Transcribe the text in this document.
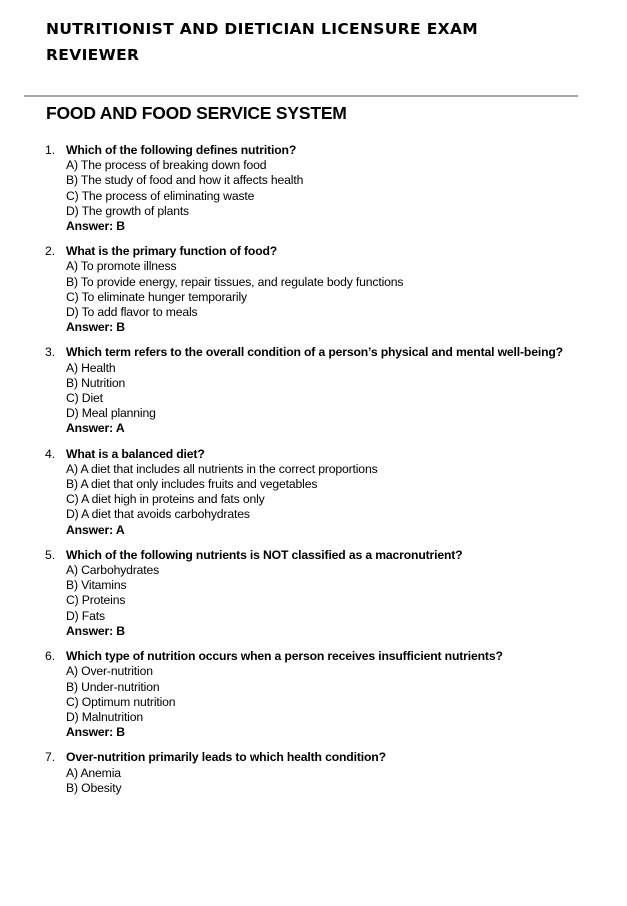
NUTRITIONIST AND DIETICIAN LICENSURE EXAM REVIEWER
FOOD AND FOOD SERVICE SYSTEM
1. Which of the following defines nutrition?
A) The process of breaking down food
B) The study of food and how it affects health
C) The process of eliminating waste
D) The growth of plants
Answer: B
2. What is the primary function of food?
A) To promote illness
B) To provide energy, repair tissues, and regulate body functions
C) To eliminate hunger temporarily
D) To add flavor to meals
Answer: B
3. Which term refers to the overall condition of a person’s physical and mental well-being?
A) Health
B) Nutrition
C) Diet
D) Meal planning
Answer: A
4. What is a balanced diet?
A) A diet that includes all nutrients in the correct proportions
B) A diet that only includes fruits and vegetables
C) A diet high in proteins and fats only
D) A diet that avoids carbohydrates
Answer: A
5. Which of the following nutrients is NOT classified as a macronutrient?
A) Carbohydrates
B) Vitamins
C) Proteins
D) Fats
Answer: B
6. Which type of nutrition occurs when a person receives insufficient nutrients?
A) Over-nutrition
B) Under-nutrition
C) Optimum nutrition
D) Malnutrition
Answer: B
7. Over-nutrition primarily leads to which health condition?
A) Anemia
B) Obesity
